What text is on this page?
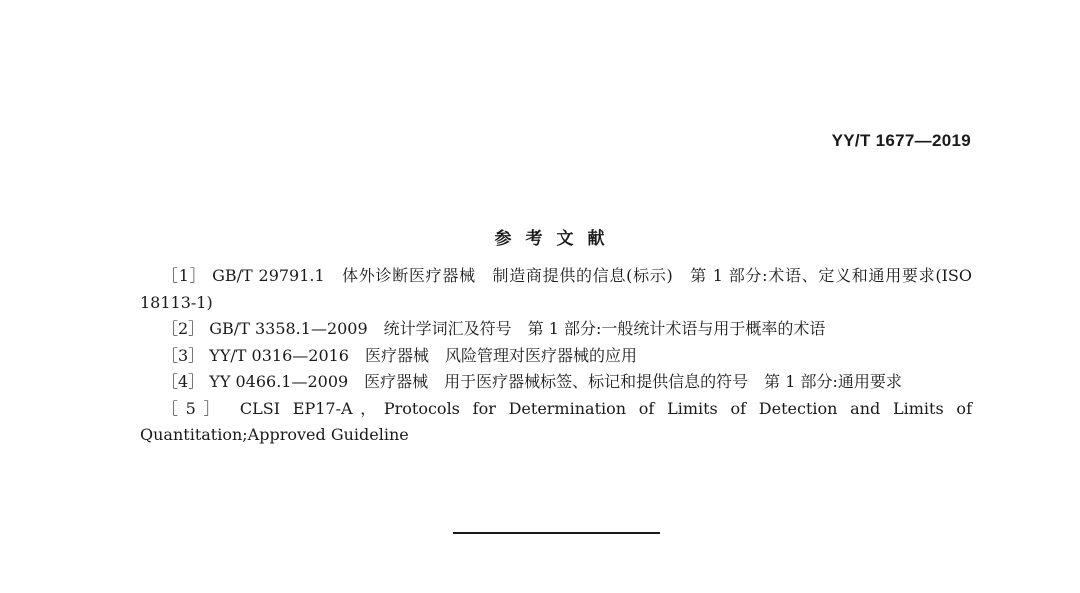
YY/T 1677—2019
参考文献

［1］ GB/T 29791.1　体外诊断医疗器械　制造商提供的信息(标示)　第 1 部分:术语、定义和通用要求(ISO 18113-1)

［2］ GB/T 3358.1—2009　统计学词汇及符号　第 1 部分:一般统计术语与用于概率的术语

［3］ YY/T 0316—2016　医疗器械　风险管理对医疗器械的应用

［4］ YY 0466.1—2009　医疗器械　用于医疗器械标签、标记和提供信息的符号　第 1 部分:通用要求

［5］ CLSI EP17-A，Protocols for Determination of Limits of Detection and Limits of Quantitation;Approved Guideline
